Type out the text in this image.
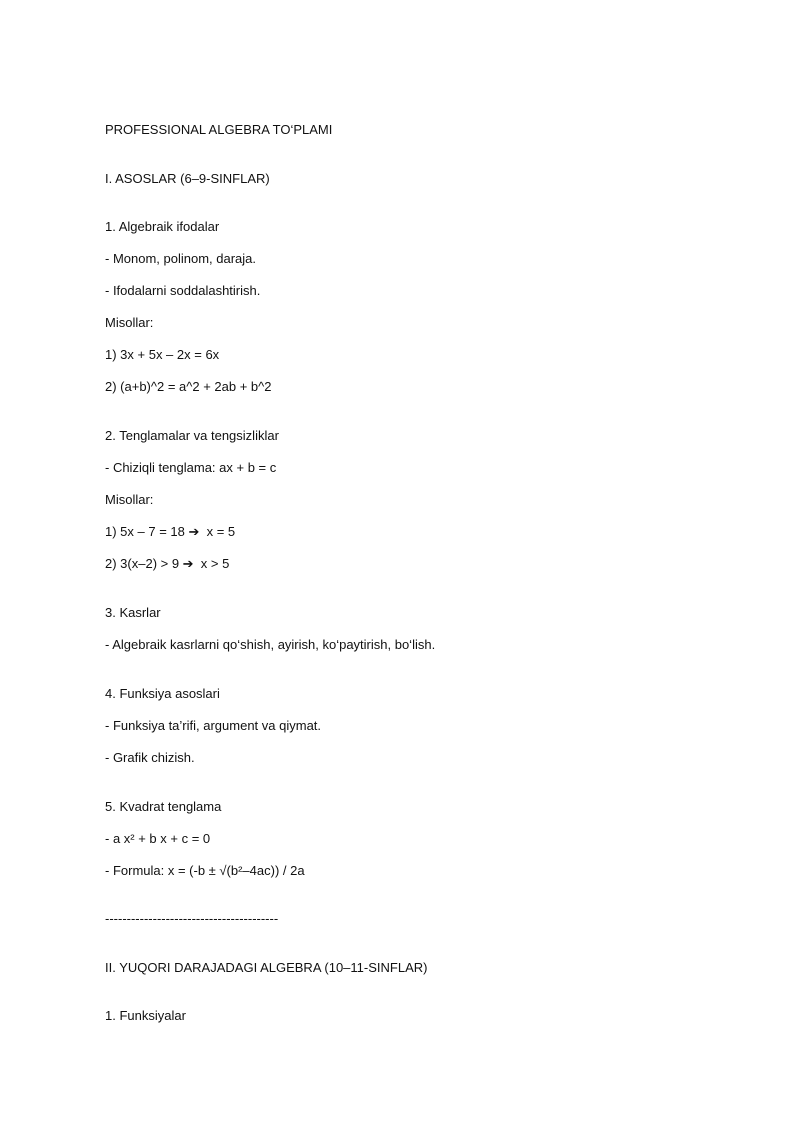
PROFESSIONAL ALGEBRA TO‘PLAMI
I. ASOSLAR (6–9-SINFLAR)
1. Algebraik ifodalar

- Monom, polinom, daraja.

- Ifodalarni soddalashtirish.

Misollar:

1) 3x + 5x – 2x = 6x

2) (a+b)^2 = a^2 + 2ab + b^2

2. Tenglamalar va tengsizliklar

- Chiziqli tenglama: ax + b = c

Misollar:

1) 5x – 7 = 18 ➔  x = 5

2) 3(x–2) > 9 ➔  x > 5

3. Kasrlar

- Algebraik kasrlarni qo‘shish, ayirish, ko‘paytirish, bo‘lish.

4. Funksiya asoslari

- Funksiya ta’rifi, argument va qiymat.

- Grafik chizish.

5. Kvadrat tenglama

- a x² + b x + c = 0

- Formula: x = (-b ± √(b²–4ac)) / 2a

----------------------------------------

II. YUQORI DARAJADAGI ALGEBRA (10–11-SINFLAR)
1. Funksiyalar
